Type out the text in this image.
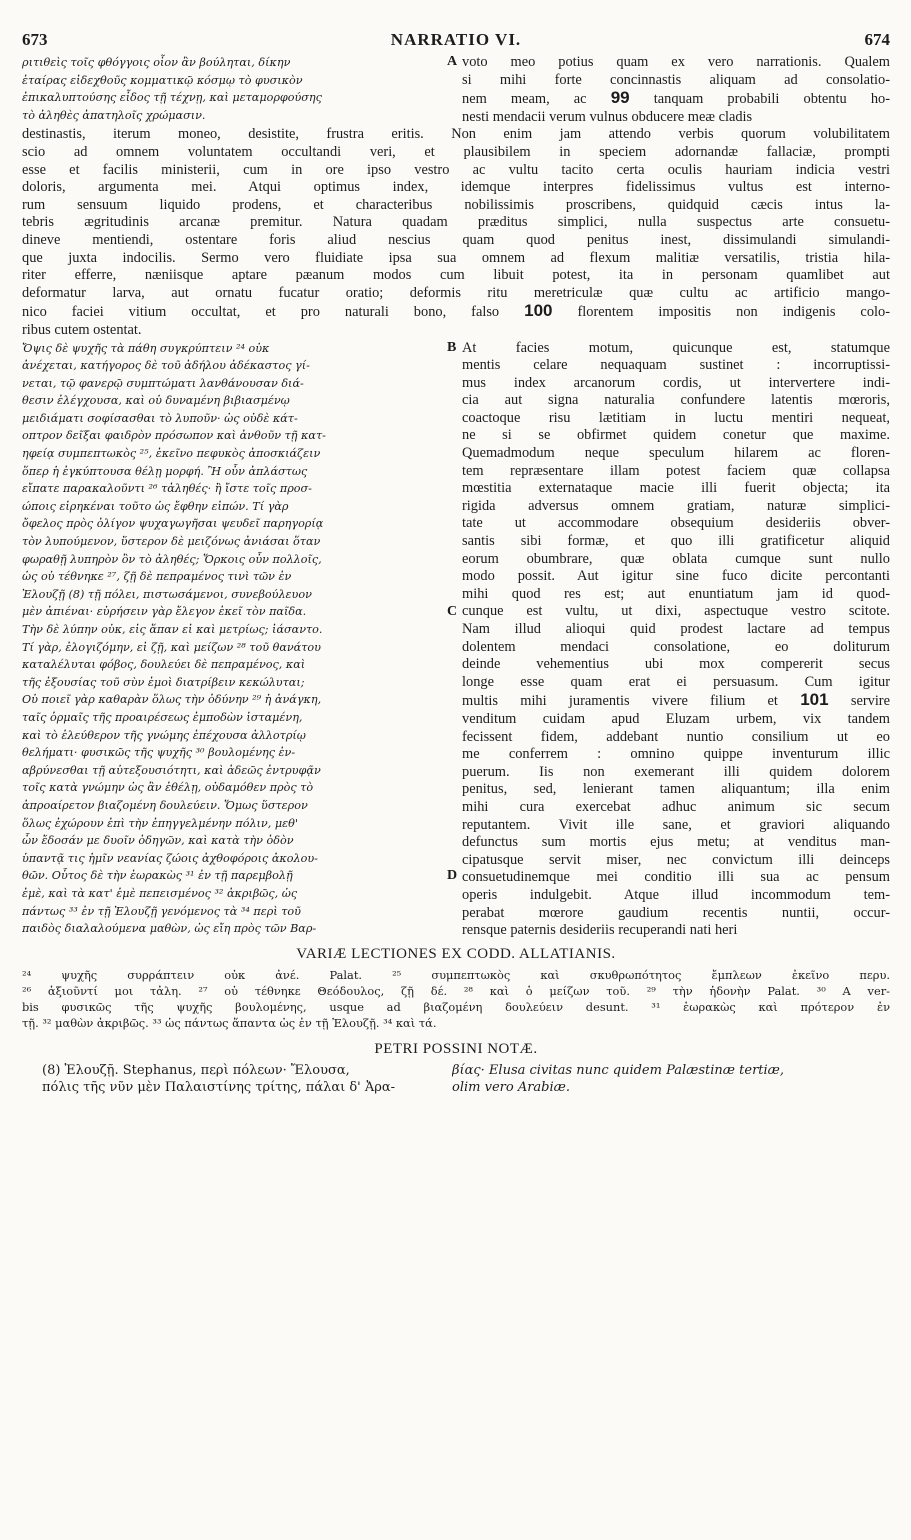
673	NARRATIO VI.	674
ριτιθεὶς τοῖς φθόγγοις οἷον ἂν βούληται, δίκην
ἑταίρας εἰδεχθοῦς κομματικῷ κόσμῳ τὸ φυσικὸν
ἐπικαλυπτούσης εἶδος τῇ τέχνῃ, καὶ μεταμορφούσης
τὸ ἀληθὲς ἀπατηλοῖς χρώμασιν.
A voto meo potius quam ex vero narrationis. Qualem
si mihi forte concinnastis aliquam ad consolatio-
nem meam, ac 99 tanquam probabili obtentu ho-
nesti mendacii verum vulnus obducere meæ cladis
destinastis, iterum moneo, desistite, frustra eritis. Non enim jam attendo verbis quorum volubilitatem
scio ad omnem voluntatem occultandi veri, et plausibilem in speciem adornandæ fallaciæ, prompti
esse et facilis ministerii, cum in ore ipso vestro ac vultu tacito certa oculis hauriam indicia vestri
doloris, argumenta mei. Atqui optimus index, idemque interpres fidelissimus vultus est interno-
rum sensuum liquido prodens, et characteribus nobilissimis proscribens, quidquid cæcis intus la-
tebris ægritudinis arcanæ premitur. Natura quadam præditus simplici, nulla suspectus arte consuetu-
dineve mentiendi, ostentare foris aliud nescius quam quod penitus inest, dissimulandi simulandi-
que juxta indocilis. Sermo vero fluidiate ipsa sua omnem ad flexum malitiæ versatilis, tristia hila-
riter efferre, næniisque aptare pæanum modos cum libuit potest, ita in personam quamlibet aut
deformatur larva, aut ornatu fucatur oratio; deformis ritu meretriculæ quæ cultu ac artificio mango-
nico faciei vitium occultat, et pro naturali bono, falso 100 florentem impositis non indigenis colo-
ribus cutem ostentat.
Ὄψις δὲ ψυχῆς τὰ πάθη συγκρύπτειν ²⁴ οὐκ
ἀνέχεται, κατήγορος δὲ τοῦ ἀδήλου ἀδέκαστος γί-
νεται, τῷ φανερῷ συμπτώματι λανθάνουσαν διά-
θεσιν ἐλέγχουσα, καὶ οὐ δυναμένη βιβιασμένῳ
μειδιάματι σοφίσασθαι τὸ λυποῦν· ὡς οὐδὲ κάτ-
οπτρον δεῖξαι φαιδρὸν πρόσωπον καὶ ἀνθοῦν τῇ κατ-
ηφείᾳ συμπεπτωκὸς ²⁵, ἐκεῖνο πεφυκὸς ἀποσκιάζειν
ὅπερ ἡ ἐγκύπτουσα θέλῃ μορφή. Ἢ οὖν ἀπλάστως
εἴπατε παρακαλοῦντι ²⁶ τἀληθές· ἢ ἴστε τοῖς προσ-
ώποις εἰρηκέναι τοῦτο ὡς ἔφθην εἰπών. Τί γὰρ
ὄφελος πρὸς ὀλίγον ψυχαγωγῆσαι ψευδεῖ παρηγορίᾳ
τὸν λυπούμενον, ὕστερον δὲ μειζόνως ἀνιάσαι ὅταν
φωραθῇ λυπηρὸν ὂν τὸ ἀληθές; Ὅρκοις οὖν πολλοῖς,
ὡς οὐ τέθνηκε ²⁷, ζῇ δὲ πεπραμένος τινὶ τῶν ἐν
Ἐλουζῇ (8) τῇ πόλει, πιστωσάμενοι, συνεβούλευον
μὲν ἀπιέναι· εὑρήσειν γὰρ ἔλεγον ἐκεῖ τὸν παῖδα.
Τὴν δὲ λύπην οὐκ, εἰς ἅπαν εἰ καὶ μετρίως; ἰάσαντο.
Τί γὰρ, ἐλογιζόμην, εἰ ζῇ, καὶ μείζων ²⁸ τοῦ θανάτου
καταλέλυται φόβος, δουλεύει δὲ πεπραμένος, καὶ
τῆς ἐξουσίας τοῦ σὺν ἐμοὶ διατρίβειν κεκώλυται;
Οὐ ποιεῖ γὰρ καθαρὰν ὅλως τὴν ὀδύνην ²⁹ ἡ ἀνάγκη,
ταῖς ὁρμαῖς τῆς προαιρέσεως ἐμποδὼν ἱσταμένη,
καὶ τὸ ἐλεύθερον τῆς γνώμης ἐπέχουσα ἀλλοτρίῳ
θελήματι· φυσικῶς τῆς ψυχῆς ³⁰ βουλομένης ἐν-
αβρύνεσθαι τῇ αὐτεξουσιότητι, καὶ ἀδεῶς ἐντρυφᾷν
τοῖς κατὰ γνώμην ὡς ἂν ἐθέλῃ, οὐδαμόθεν πρὸς τὸ
ἀπροαίρετον βιαζομένη δουλεύειν. Ὅμως ὕστερον
ὅλως ἐχώρουν ἐπὶ τὴν ἐπηγγελμένην πόλιν, μεθ'
ὧν ἔδοσάν με δυοῖν ὁδηγῶν, καὶ κατὰ τὴν ὁδὸν
ὑπαντᾷ τις ἡμῖν νεανίας ζώοις ἀχθοφόροις ἀκολου-
θῶν. Οὗτος δὲ τὴν ἑωρακὼς ³¹ ἐν τῇ παρεμβολῇ
ἐμὲ, καὶ τὰ κατ' ἐμὲ πεπεισμένος ³² ἀκριβῶς, ὡς
πάντως ³³ ἐν τῇ Ἐλουζῇ γενόμενος τὰ ³⁴ περὶ τοῦ
παιδὸς διαλαλούμενα μαθὼν, ὡς εἴη πρὸς τῶν Βαρ-
B
C
D
At facies motum, quicunque est, statumque
mentis celare nequaquam sustinet : incorruptissi-
mus index arcanorum cordis, ut intervertere indi-
cia aut signa naturalia confundere latentis mœroris,
coactoque risu lætitiam in luctu mentiri nequeat,
ne si se obfirmet quidem conetur que maxime.
Quemadmodum neque speculum hilarem ac floren-
tem repræsentare illam potest faciem quæ collapsa
mœstitia externataque macie illi fuerit objecta; ita
rigida adversus omnem gratiam, naturæ simplici-
tate ut accommodare obsequium desideriis obver-
santis sibi formæ, et quo illi gratificetur aliquid
eorum obumbrare, quæ oblata cumque sunt nullo
modo possit. Aut igitur sine fuco dicite percontanti
mihi quod res est; aut enuntiatum jam id quod-
cunque est vultu, ut dixi, aspectuque vestro scitote.
Nam illud alioqui quid prodest lactare ad tempus
dolentem mendaci consolatione, eo doliturum
deinde vehementius ubi mox compererit secus
longe esse quam erat ei persuasum. Cum igitur
multis mihi juramentis vivere filium et 101 servire
venditum cuidam apud Eluzam urbem, vix tandem
fecissent fidem, addebant nuntio consilium ut eo
me conferrem : omnino quippe inventurum illic
puerum. Iis non exemerant illi quidem dolorem
penitus, sed, lenierant tamen aliquantum; illa enim
mihi cura exercebat adhuc animum sic secum
reputantem. Vivit ille sane, et graviori aliquando
defunctus sum mortis ejus metu; at venditus man-
cipatusque servit miser, nec convictum illi deinceps
consuetudinemque mei conditio illi sua ac pensum
operis indulgebit. Atque illud incommodum tem-
perabat mœrore gaudium recentis nuntii, occur-
rensque paternis desideriis recuperandi nati heri
VARIÆ LECTIONES EX CODD. ALLATIANIS.
²⁴ ψυχῆς συρράπτειν οὐκ ἀνέ. Palat. ²⁵ συμπεπτωκὸς καὶ σκυθρωπότητος ἔμπλεων ἐκεῖνο περυ.
²⁶ ἀξιοῦντί μοι τἀλη. ²⁷ οὐ τέθνηκε Θεόδουλος, ζῇ δέ. ²⁸ καὶ ὁ μείζων τοῦ. ²⁹ τὴν ἡδονὴν Palat. ³⁰ A ver-
bis φυσικῶς τῆς ψυχῆς βουλομένης, usque ad βιαζομένη δουλεύειν desunt. ³¹ ἑωρακὼς καὶ πρότερον ἐν
τῇ. ³² μαθὼν ἀκριβῶς. ³³ ὡς πάντως ἅπαντα ὡς ἐν τῇ Ἐλουζῇ. ³⁴ καὶ τά.
PETRI POSSINI NOTÆ.
(8) Ἐλουζῇ. Stephanus, περὶ πόλεων· Ἔλουσα,
πόλις τῆς νῦν μὲν Παλαιστίνης τρίτης, πάλαι δ' Ἀρα-
βίας· Elusa civitas nunc quidem Palæstinæ tertiæ,
olim vero Arabiæ.
